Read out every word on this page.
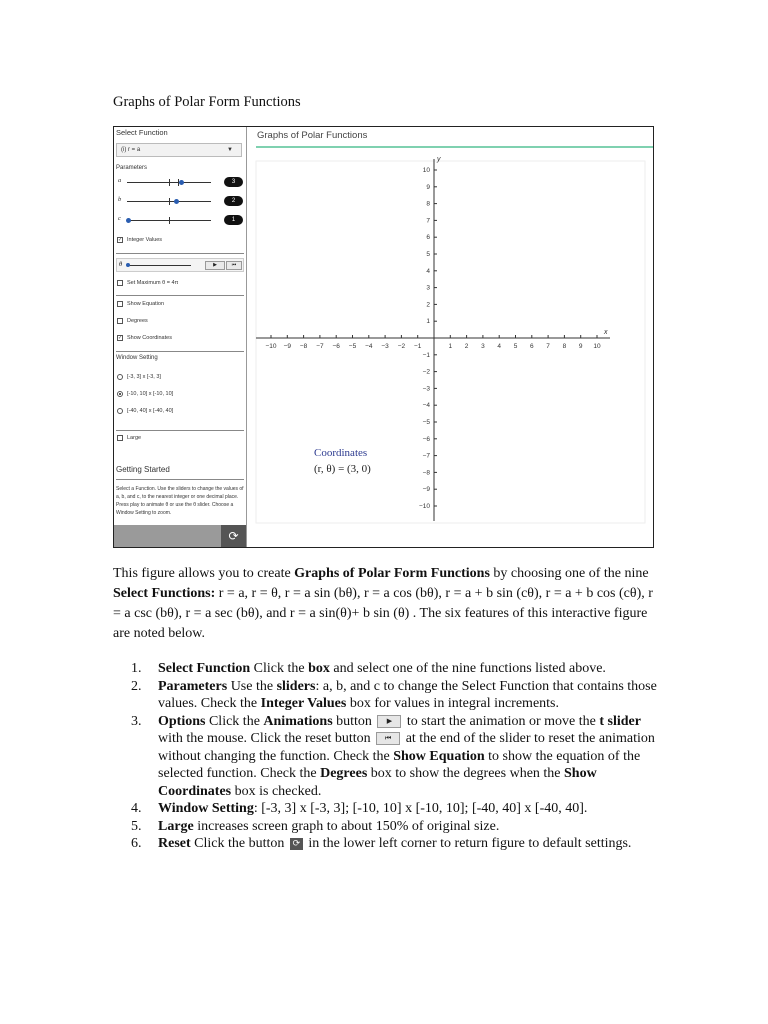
Graphs of Polar Form Functions
Select Function
(i) r = a	▼
Parameters
a	3
b	2
c	1
✓ Integer Values
θ	▶	⏮
Set Maximum θ = 4π
Show Equation
Degrees
✓ Show Coordinates
Window Setting
[-3, 3] x [-3, 3]
[-10, 10] x [-10, 10]
[-40, 40] x [-40, 40]
Large
Getting Started
Select a Function. Use the sliders to change the values of a, b, and c, to the nearest integer or one decimal place. Press play to animate θ or use the θ slider. Choose a Window Setting to zoom.
⟳
Graphs of Polar Functions
x
y
−10 −9 −8 −7 −6 −5 −4 −3 −2 −1	1 2 3 4 5 6 7 8 9 10
10
9
8
7
6
5
4
3
2
1
−1
−2
−3
−4
−5
−6
−7
−8
−9
−10
Coordinates
(r, θ) = (3, 0)
This figure allows you to create Graphs of Polar Form Functions by choosing one of the nine Select Functions: r = a, r = θ, r = a sin (bθ), r = a cos (bθ), r = a + b sin (cθ), r = a + b cos (cθ), r = a csc (bθ), r = a sec (bθ), and r = a sin(θ)+ b sin (θ) . The six features of this interactive figure are noted below.
1. Select Function Click the box and select one of the nine functions listed above.
2. Parameters Use the sliders: a, b, and c to change the Select Function that contains those values. Check the Integer Values box for values in integral increments.
3. Options Click the Animations button ▶ to start the animation or move the t slider with the mouse. Click the reset button ⏮ at the end of the slider to reset the animation without changing the function. Check the Show Equation to show the equation of the selected function. Check the Degrees box to show the degrees when the Show Coordinates box is checked.
4. Window Setting: [-3, 3] x [-3, 3]; [-10, 10] x [-10, 10]; [-40, 40] x [-40, 40].
5. Large increases screen graph to about 150% of original size.
6. Reset Click the button ⟳ in the lower left corner to return figure to default settings.
